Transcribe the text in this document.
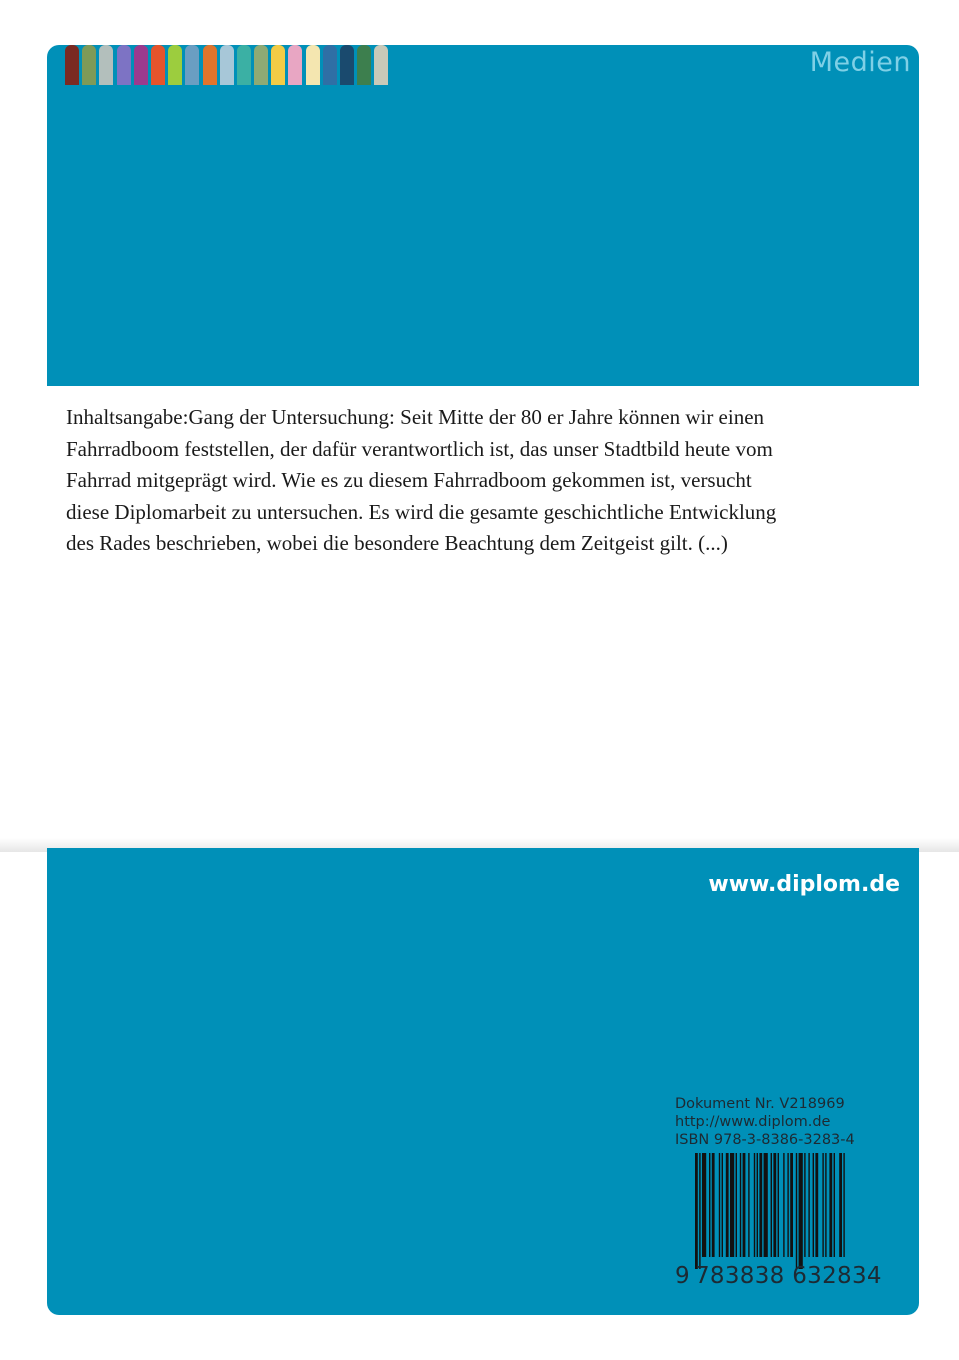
Medien

Inhaltsangabe:Gang der Untersuchung: Seit Mitte der 80 er Jahre können wir einen Fahrradboom feststellen, der dafür verantwortlich ist, das unser Stadtbild heute vom Fahrrad mitgeprägt wird. Wie es zu diesem Fahrradboom gekommen ist, versucht diese Diplomarbeit zu untersuchen. Es wird die gesamte geschichtliche Entwicklung des Rades beschrieben, wobei die besondere Beachtung dem Zeitgeist gilt. (...)

www.diplom.de
Dokument Nr. V218969
http://www.diplom.de
ISBN 978-3-8386-3283-4
9 783838 632834
